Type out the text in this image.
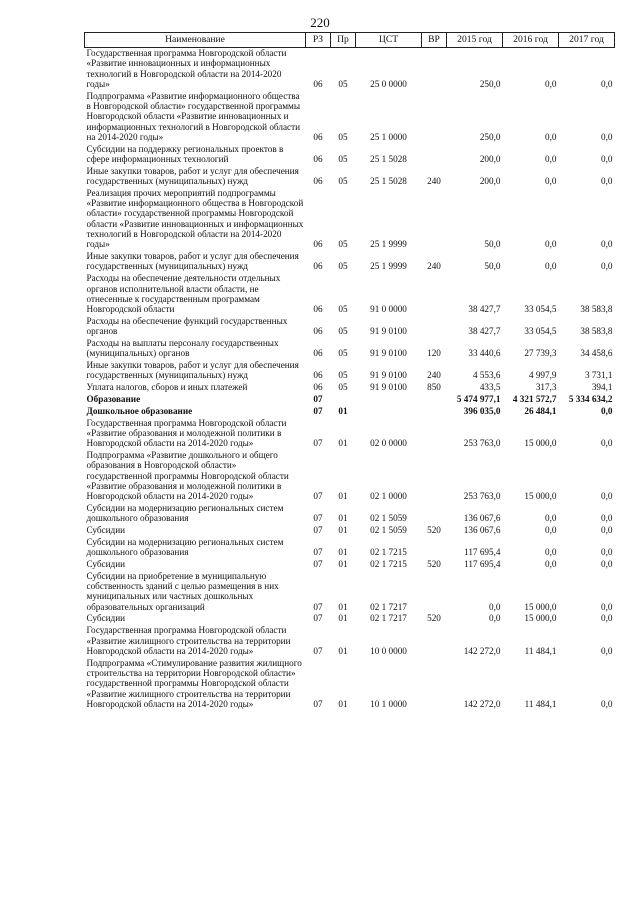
220
Наименование	РЗ	Пр	ЦСТ	ВР	2015 год	2016 год	2017 год
Государственная программа Новгородской области «Развитие инновационных и информационных технологий в Новгородской области на 2014-2020 годы»	06	05	25 0 0000		250,0	0,0	0,0
Подпрограмма «Развитие информационного общества в Новгородской области» государственной программы Новгородской области «Развитие инновационных и информационных технологий в Новгородской области на 2014-2020 годы»	06	05	25 1 0000		250,0	0,0	0,0
Субсидии на поддержку региональных проектов в сфере информационных технологий	06	05	25 1 5028		200,0	0,0	0,0
Иные закупки товаров, работ и услуг для обеспечения государственных (муниципальных) нужд	06	05	25 1 5028	240	200,0	0,0	0,0
Реализация прочих мероприятий подпрограммы «Развитие информационного общества в Новгородской области» государственной программы Новгородской области «Развитие инновационных и информационных технологий в Новгородской области на 2014-2020 годы»	06	05	25 1 9999		50,0	0,0	0,0
Иные закупки товаров, работ и услуг для обеспечения государственных (муниципальных) нужд	06	05	25 1 9999	240	50,0	0,0	0,0
Расходы на обеспечение деятельности отдельных органов исполнительной власти области, не отнесенные к государственным программам Новгородской области	06	05	91 0 0000		38 427,7	33 054,5	38 583,8
Расходы на обеспечение функций государственных органов	06	05	91 9 0100		38 427,7	33 054,5	38 583,8
Расходы на выплаты персоналу государственных (муниципальных) органов	06	05	91 9 0100	120	33 440,6	27 739,3	34 458,6
Иные закупки товаров, работ и услуг для обеспечения государственных (муниципальных) нужд	06	05	91 9 0100	240	4 553,6	4 997,9	3 731,1
Уплата налогов, сборов и иных платежей	06	05	91 9 0100	850	433,5	317,3	394,1
Образование	07				5 474 977,1	4 321 572,7	5 334 634,2
Дошкольное образование	07	01			396 035,0	26 484,1	0,0
Государственная программа Новгородской области «Развитие образования и молодежной политики в Новгородской области на 2014-2020 годы»	07	01	02 0 0000		253 763,0	15 000,0	0,0
Подпрограмма «Развитие дошкольного и общего образования в Новгородской области» государственной программы Новгородской области «Развитие образования и молодежной политики в Новгородской области на 2014-2020 годы»	07	01	02 1 0000		253 763,0	15 000,0	0,0
Субсидии на модернизацию региональных систем дошкольного образования	07	01	02 1 5059		136 067,6	0,0	0,0
Субсидии	07	01	02 1 5059	520	136 067,6	0,0	0,0
Субсидии на модернизацию региональных систем дошкольного образования	07	01	02 1 7215		117 695,4	0,0	0,0
Субсидии	07	01	02 1 7215	520	117 695,4	0,0	0,0
Субсидии на приобретение в муниципальную собственность зданий с целью размещения в них муниципальных или частных дошкольных образовательных организаций	07	01	02 1 7217		0,0	15 000,0	0,0
Субсидии	07	01	02 1 7217	520	0,0	15 000,0	0,0
Государственная программа Новгородской области «Развитие жилищного строительства на территории Новгородской области на 2014-2020 годы»	07	01	10 0 0000		142 272,0	11 484,1	0,0
Подпрограмма «Стимулирование развития жилищного строительства на территории Новгородской области» государственной программы Новгородской области «Развитие жилищного строительства на территории Новгородской области на 2014-2020 годы»	07	01	10 1 0000		142 272,0	11 484,1	0,0
